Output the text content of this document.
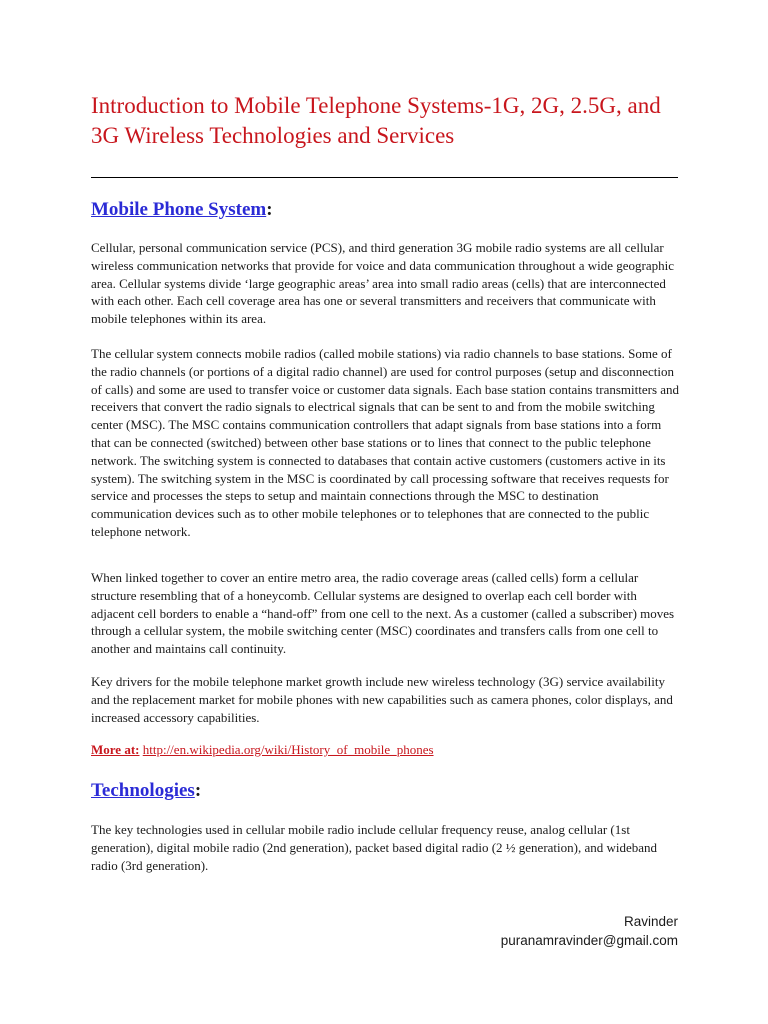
Introduction to Mobile Telephone Systems-1G, 2G, 2.5G, and 3G Wireless Technologies and Services
Mobile Phone System:

Cellular, personal communication service (PCS), and third generation 3G mobile radio systems are all cellular wireless communication networks that provide for voice and data communication throughout a wide geographic area. Cellular systems divide ‘large geographic areas’ area into small radio areas (cells) that are interconnected with each other. Each cell coverage area has one or several transmitters and receivers that communicate with mobile telephones within its area.

The cellular system connects mobile radios (called mobile stations) via radio channels to base stations. Some of the radio channels (or portions of a digital radio channel) are used for control purposes (setup and disconnection of calls) and some are used to transfer voice or customer data signals. Each base station contains transmitters and receivers that convert the radio signals to electrical signals that can be sent to and from the mobile switching center (MSC). The MSC contains communication controllers that adapt signals from base stations into a form that can be connected (switched) between other base stations or to lines that connect to the public telephone network. The switching system is connected to databases that contain active customers (customers active in its system). The switching system in the MSC is coordinated by call processing software that receives requests for service and processes the steps to setup and maintain connections through the MSC to destination communication devices such as to other mobile telephones or to telephones that are connected to the public telephone network.

When linked together to cover an entire metro area, the radio coverage areas (called cells) form a cellular structure resembling that of a honeycomb. Cellular systems are designed to overlap each cell border with adjacent cell borders to enable a “hand-off” from one cell to the next. As a customer (called a subscriber) moves through a cellular system, the mobile switching center (MSC) coordinates and transfers calls from one cell to another and maintains call continuity.

Key drivers for the mobile telephone market growth include new wireless technology (3G) service availability and the replacement market for mobile phones with new capabilities such as camera phones, color displays, and increased accessory capabilities.

More at: http://en.wikipedia.org/wiki/History_of_mobile_phones
Technologies:

The key technologies used in cellular mobile radio include cellular frequency reuse, analog cellular (1st generation), digital mobile radio (2nd generation), packet based digital radio (2 ½ generation), and wideband radio (3rd generation).

Ravinder
puranamravinder@gmail.com
